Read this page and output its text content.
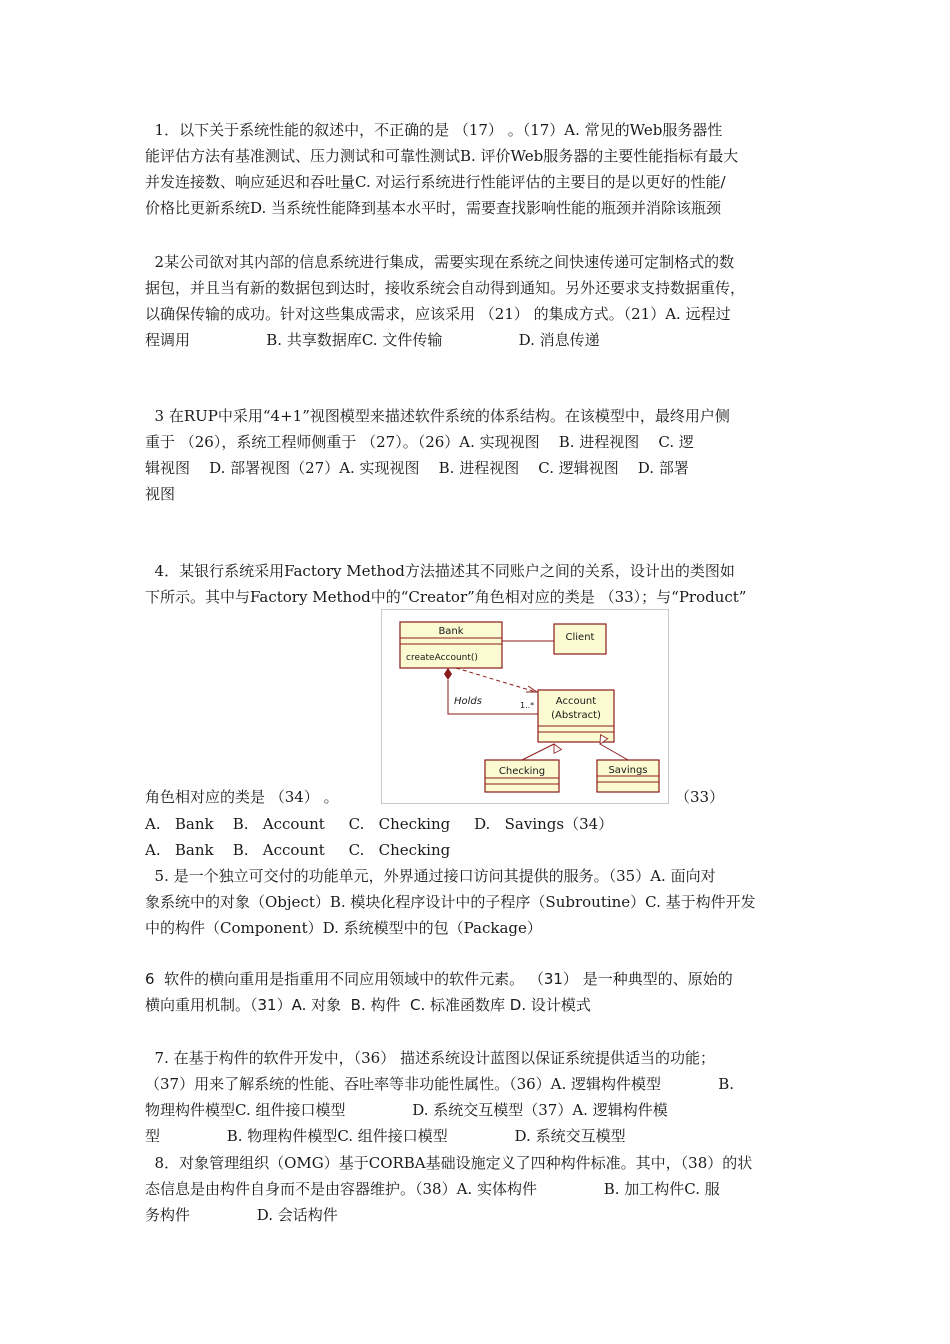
1．以下关于系统性能的叙述中，不正确的是 （17） 。（17）A. 常见的Web服务器性
能评估方法有基准测试、压力测试和可靠性测试B. 评价Web服务器的主要性能指标有最大
并发连接数、响应延迟和吞吐量C. 对运行系统进行性能评估的主要目的是以更好的性能/
价格比更新系统D. 当系统性能降到基本水平时，需要查找影响性能的瓶颈并消除该瓶颈
2某公司欲对其内部的信息系统进行集成，需要实现在系统之间快速传递可定制格式的数
据包，并且当有新的数据包到达时，接收系统会自动得到通知。另外还要求支持数据重传，
以确保传输的成功。针对这些集成需求，应该采用 （21） 的集成方式。（21）A. 远程过
程调用                B. 共享数据库C. 文件传输                D. 消息传递
3 在RUP中采用“4+1”视图模型来描述软件系统的体系结构。在该模型中，最终用户侧
重于 （26），系统工程师侧重于 （27）。（26）A. 实现视图    B. 进程视图    C. 逻
辑视图    D. 部署视图（27）A. 实现视图    B. 进程视图    C. 逻辑视图    D. 部署
视图
4．某银行系统采用Factory Method方法描述其不同账户之间的关系，设计出的类图如
下所示。其中与Factory Method中的“Creator”角色相对应的类是 （33）；与“Product”
Bank
createAccount()
Client
Account
(Abstract)
Holds	1..*
Checking	Savings
角色相对应的类是 （34） 。	（33）
A.   Bank    B.   Account     C.   Checking     D.   Savings（34）
A.   Bank    B.   Account     C.   Checking
5. 是一个独立可交付的功能单元，外界通过接口访问其提供的服务。（35）A. 面向对
象系统中的对象（Object）B. 模块化程序设计中的子程序（Subroutine）C. 基于构件开发
中的构件（Component）D. 系统模型中的包（Package）
6  软件的横向重用是指重用不同应用领域中的软件元素。 （31） 是一种典型的、原始的
横向重用机制。（31）A. 对象  B. 构件  C. 标准函数库 D. 设计模式
7. 在基于构件的软件开发中，（36） 描述系统设计蓝图以保证系统提供适当的功能；
（37）用来了解系统的性能、吞吐率等非功能性属性。（36）A. 逻辑构件模型            B.
物理构件模型C. 组件接口模型              D. 系统交互模型（37）A. 逻辑构件模
型              B. 物理构件模型C. 组件接口模型              D. 系统交互模型
8．对象管理组织（OMG）基于CORBA基础设施定义了四种构件标准。其中，（38）的状
态信息是由构件自身而不是由容器维护。（38）A. 实体构件              B. 加工构件C. 服
务构件              D. 会话构件
